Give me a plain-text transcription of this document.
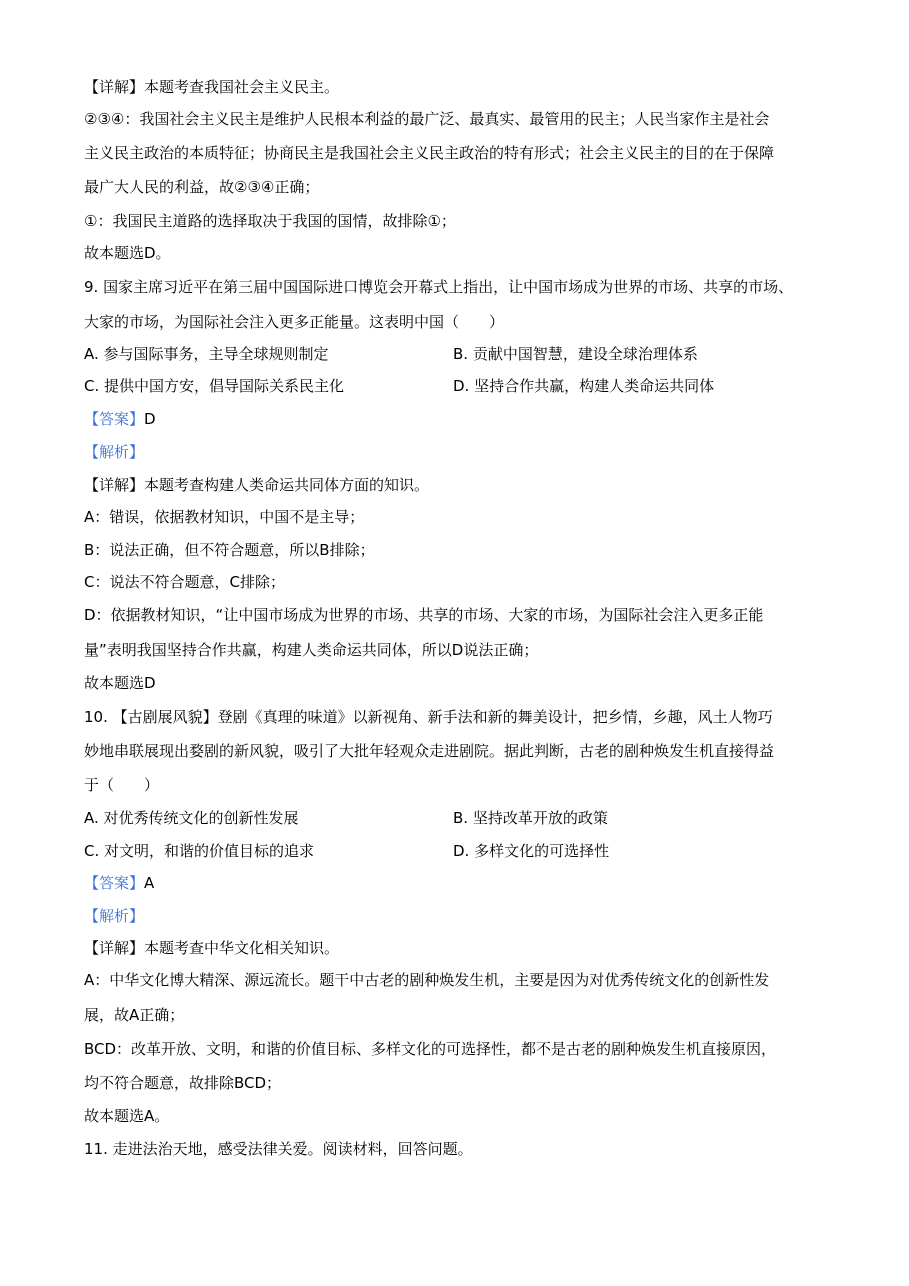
【详解】本题考查我国社会主义民主。
②③④：我国社会主义民主是维护人民根本利益的最广泛、最真实、最管用的民主；人民当家作主是社会
主义民主政治的本质特征；协商民主是我国社会主义民主政治的特有形式；社会主义民主的目的在于保障
最广大人民的利益，故②③④正确；
①：我国民主道路的选择取决于我国的国情，故排除①；
故本题选D。
9. 国家主席习近平在第三届中国国际进口博览会开幕式上指出，让中国市场成为世界的市场、共享的市场、
大家的市场，为国际社会注入更多正能量。这表明中国（　　）
A. 参与国际事务，主导全球规则制定	B. 贡献中国智慧，建设全球治理体系
C. 提供中国方安，倡导国际关系民主化	D. 坚持合作共赢，构建人类命运共同体
【答案】D
【解析】
【详解】本题考查构建人类命运共同体方面的知识。
A：错误，依据教材知识，中国不是主导；
B：说法正确，但不符合题意，所以B排除；
C：说法不符合题意，C排除；
D：依据教材知识，“让中国市场成为世界的市场、共享的市场、大家的市场，为国际社会注入更多正能
量”表明我国坚持合作共赢，构建人类命运共同体，所以D说法正确；
故本题选D
10. 【古剧展风貌】登剧《真理的味道》以新视角、新手法和新的舞美设计，把乡情，乡趣，风土人物巧
妙地串联展现出婺剧的新风貌，吸引了大批年轻观众走进剧院。据此判断，古老的剧种焕发生机直接得益
于（　　）
A. 对优秀传统文化的创新性发展	B. 坚持改革开放的政策
C. 对文明，和谐的价值目标的追求	D. 多样文化的可选择性
【答案】A
【解析】
【详解】本题考查中华文化相关知识。
A：中华文化博大精深、源远流长。题干中古老的剧种焕发生机，主要是因为对优秀传统文化的创新性发
展，故A正确；
BCD：改革开放、文明，和谐的价值目标、多样文化的可选择性，都不是古老的剧种焕发生机直接原因，
均不符合题意，故排除BCD；
故本题选A。
11. 走进法治天地，感受法律关爱。阅读材料，回答问题。
